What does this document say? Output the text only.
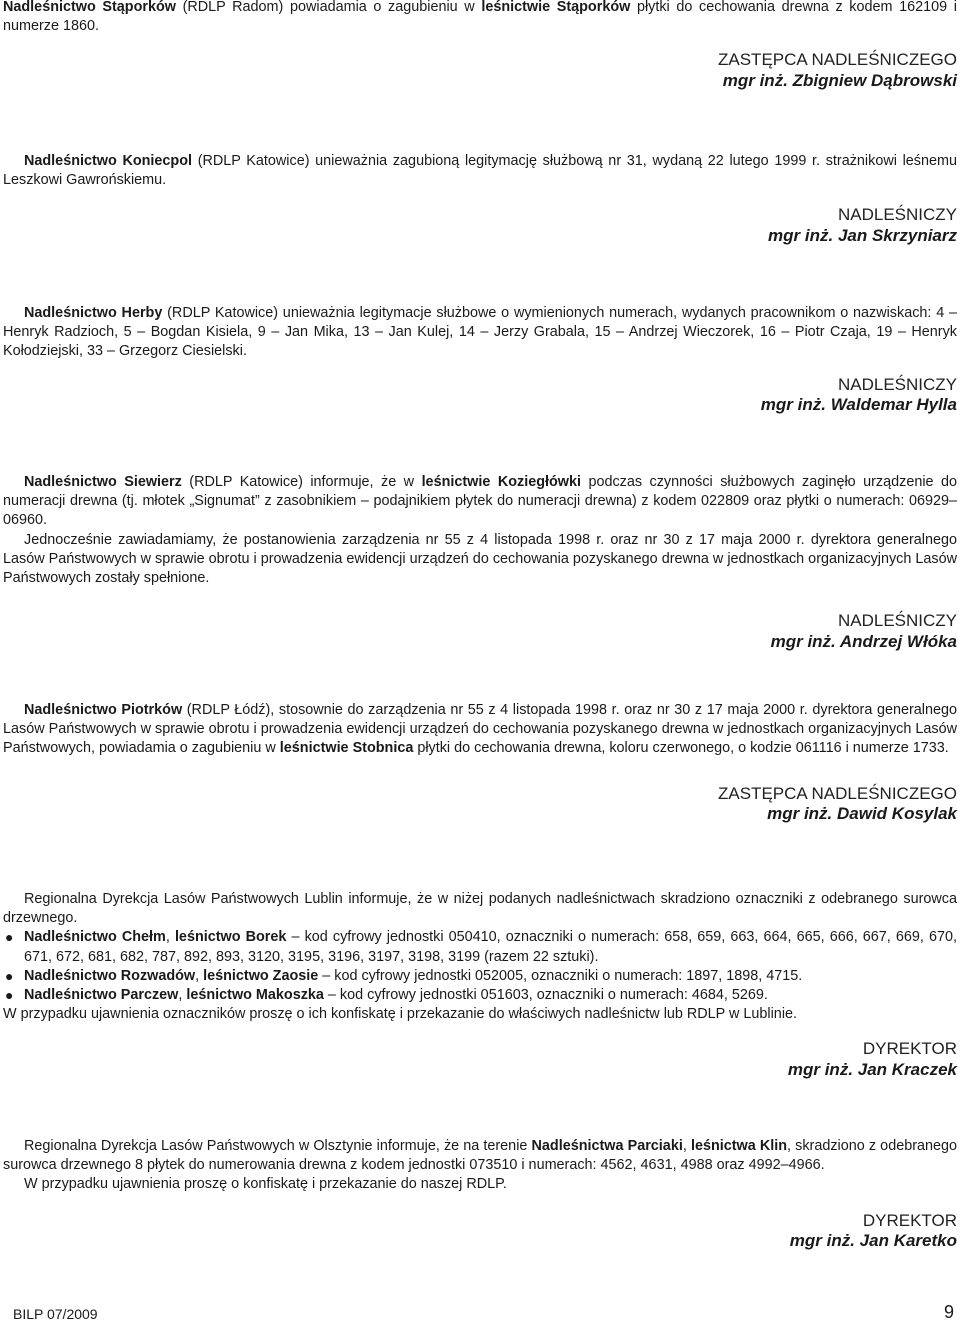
Nadleśnictwo Stąporków (RDLP Radom) powiadamia o zagubieniu w leśnictwie Stąporków płytki do cechowania drewna z kodem 162109 i numerze 1860.

ZASTĘPCA NADLEŚNICZEGO
mgr inż. Zbigniew Dąbrowski

Nadleśnictwo Koniecpol (RDLP Katowice) unieważnia zagubioną legitymację służbową nr 31, wydaną 22 lutego 1999 r. strażnikowi leśnemu Leszkowi Gawrońskiemu.

NADLEŚNICZY
mgr inż. Jan Skrzyniarz

Nadleśnictwo Herby (RDLP Katowice) unieważnia legitymacje służbowe o wymienionych numerach, wydanych pracownikom o nazwiskach: 4 – Henryk Radzioch, 5 – Bogdan Kisiela, 9 – Jan Mika, 13 – Jan Kulej, 14 – Jerzy Grabala, 15 – Andrzej Wieczorek, 16 – Piotr Czaja, 19 – Henryk Kołodziejski, 33 – Grzegorz Ciesielski.

NADLEŚNICZY
mgr inż. Waldemar Hylla

Nadleśnictwo Siewierz (RDLP Katowice) informuje, że w leśnictwie Koziegłówki podczas czynności służbowych zaginęło urządzenie do numeracji drewna (tj. młotek „Signumat” z zasobnikiem – podajnikiem płytek do numeracji drewna) z kodem 022809 oraz płytki o numerach: 06929–06960.

Jednocześnie zawiadamiamy, że postanowienia zarządzenia nr 55 z 4 listopada 1998 r. oraz nr 30 z 17 maja 2000 r. dyrektora generalnego Lasów Państwowych w sprawie obrotu i prowadzenia ewidencji urządzeń do cechowania pozyskanego drewna w jednostkach organizacyjnych Lasów Państwowych zostały spełnione.

NADLEŚNICZY
mgr inż. Andrzej Włóka

Nadleśnictwo Piotrków (RDLP Łódź), stosownie do zarządzenia nr 55 z 4 listopada 1998 r. oraz nr 30 z 17 maja 2000 r. dyrektora generalnego Lasów Państwowych w sprawie obrotu i prowadzenia ewidencji urządzeń do cechowania pozyskanego drewna w jednostkach organizacyjnych Lasów Państwowych, powiadamia o zagubieniu w leśnictwie Stobnica płytki do cechowania drewna, koloru czerwonego, o kodzie 061116 i numerze 1733.

ZASTĘPCA NADLEŚNICZEGO
mgr inż. Dawid Kosylak

Regionalna Dyrekcja Lasów Państwowych Lublin informuje, że w niżej podanych nadleśnictwach skradziono oznaczniki z odebranego surowca drzewnego.

● Nadleśnictwo Chełm, leśnictwo Borek – kod cyfrowy jednostki 050410, oznaczniki o numerach: 658, 659, 663, 664, 665, 666, 667, 669, 670, 671, 672, 681, 682, 787, 892, 893, 3120, 3195, 3196, 3197, 3198, 3199 (razem 22 sztuki).
● Nadleśnictwo Rozwadów, leśnictwo Zaosie – kod cyfrowy jednostki 052005, oznaczniki o numerach: 1897, 1898, 4715.
● Nadleśnictwo Parczew, leśnictwo Makoszka – kod cyfrowy jednostki 051603, oznaczniki o numerach: 4684, 5269.

W przypadku ujawnienia oznaczników proszę o ich konfiskatę i przekazanie do właściwych nadleśnictw lub RDLP w Lublinie.

DYREKTOR
mgr inż. Jan Kraczek

Regionalna Dyrekcja Lasów Państwowych w Olsztynie informuje, że na terenie Nadleśnictwa Parciaki, leśnictwa Klin, skradziono z odebranego surowca drzewnego 8 płytek do numerowania drewna z kodem jednostki 073510 i numerach: 4562, 4631, 4988 oraz 4992–4966.

W przypadku ujawnienia proszę o konfiskatę i przekazanie do naszej RDLP.

DYREKTOR
mgr inż. Jan Karetko
BILP 07/2009	9
